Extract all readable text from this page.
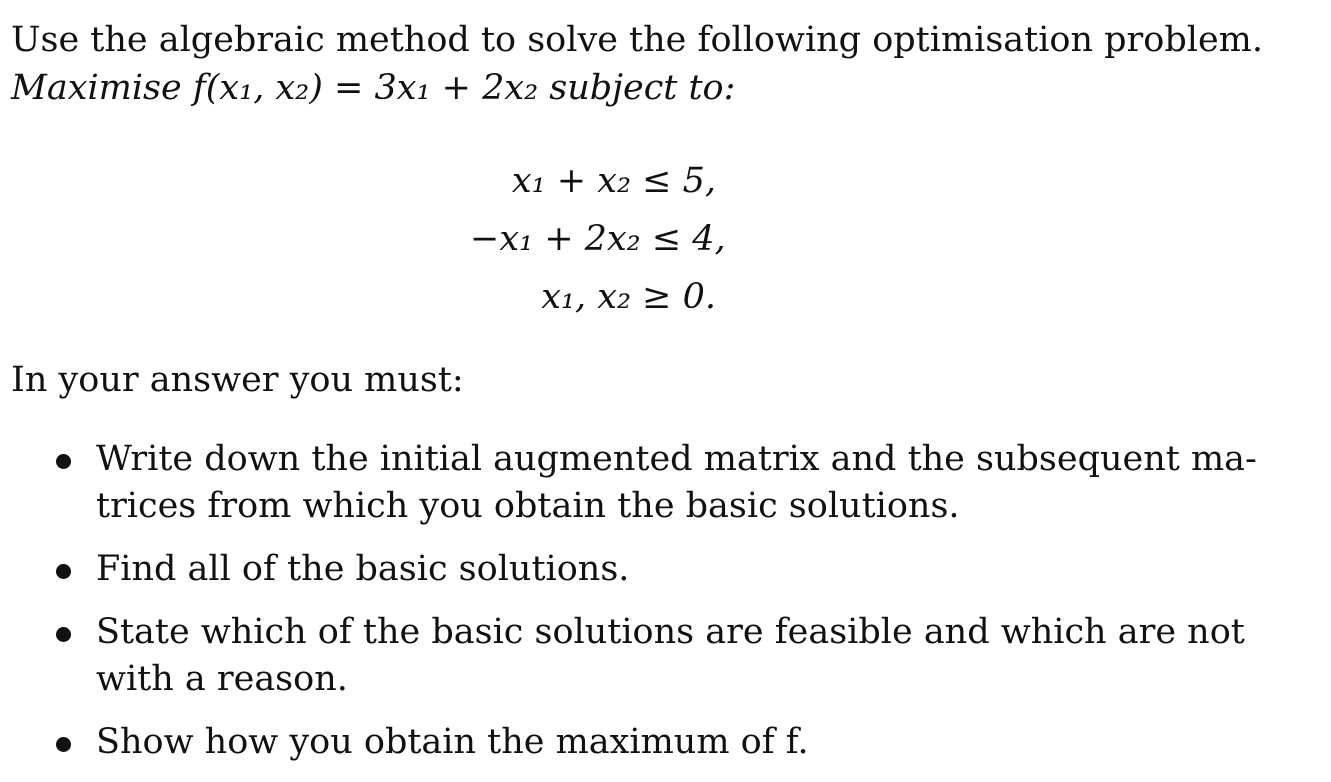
Use the algebraic method to solve the following optimisation problem.
Maximise f(x₁, x₂) = 3x₁ + 2x₂ subject to:
x₁ + x₂ ≤ 5,
−x₁ + 2x₂ ≤ 4,
x₁, x₂ ≥ 0.
In your answer you must:
Write down the initial augmented matrix and the subsequent ma-
trices from which you obtain the basic solutions.
Find all of the basic solutions.
State which of the basic solutions are feasible and which are not
with a reason.
Show how you obtain the maximum of f.
